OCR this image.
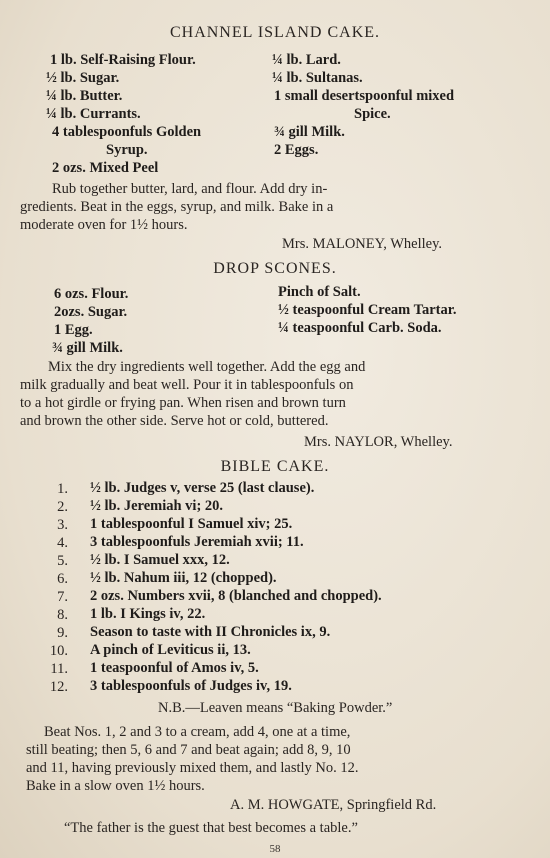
CHANNEL ISLAND CAKE.
1 lb. Self-Raising Flour.
½ lb. Sugar.
¼ lb. Butter.
¼ lb. Currants.
4 tablespoonfuls Golden
Syrup.
2 ozs. Mixed Peel
¼ lb. Lard.
¼ lb. Sultanas.
1 small desertspoonful mixed
Spice.
¾ gill Milk.
2 Eggs.
Rub together butter, lard, and flour. Add dry in-
gredients. Beat in the eggs, syrup, and milk. Bake in a
moderate oven for 1½ hours.
Mrs. MALONEY, Whelley.
DROP SCONES.
6 ozs. Flour.
2ozs. Sugar.
1 Egg.
¾ gill Milk.
Pinch of Salt.
½ teaspoonful Cream Tartar.
¼ teaspoonful Carb. Soda.
Mix the dry ingredients well together. Add the egg and
milk gradually and beat well. Pour it in tablespoonfuls on
to a hot girdle or frying pan. When risen and brown turn
and brown the other side. Serve hot or cold, buttered.
Mrs. NAYLOR, Whelley.
BIBLE CAKE.
1.
2.
3.
4.
5.
6.
7.
8.
9.
10.
11.
12.
½ lb. Judges v, verse 25 (last clause).
½ lb. Jeremiah vi; 20.
1 tablespoonful I Samuel xiv; 25.
3 tablespoonfuls Jeremiah xvii; 11.
½ lb. I Samuel xxx, 12.
½ lb. Nahum iii, 12 (chopped).
2 ozs. Numbers xvii, 8 (blanched and chopped).
1 lb. I Kings iv, 22.
Season to taste with II Chronicles ix, 9.
A pinch of Leviticus ii, 13.
1 teaspoonful of Amos iv, 5.
3 tablespoonfuls of Judges iv, 19.
N.B.—Leaven means “Baking Powder.”
Beat Nos. 1, 2 and 3 to a cream, add 4, one at a time,
still beating; then 5, 6 and 7 and beat again; add 8, 9, 10
and 11, having previously mixed them, and lastly No. 12.
Bake in a slow oven 1½ hours.
A. M. HOWGATE, Springfield Rd.
“The father is the guest that best becomes a table.”
58
